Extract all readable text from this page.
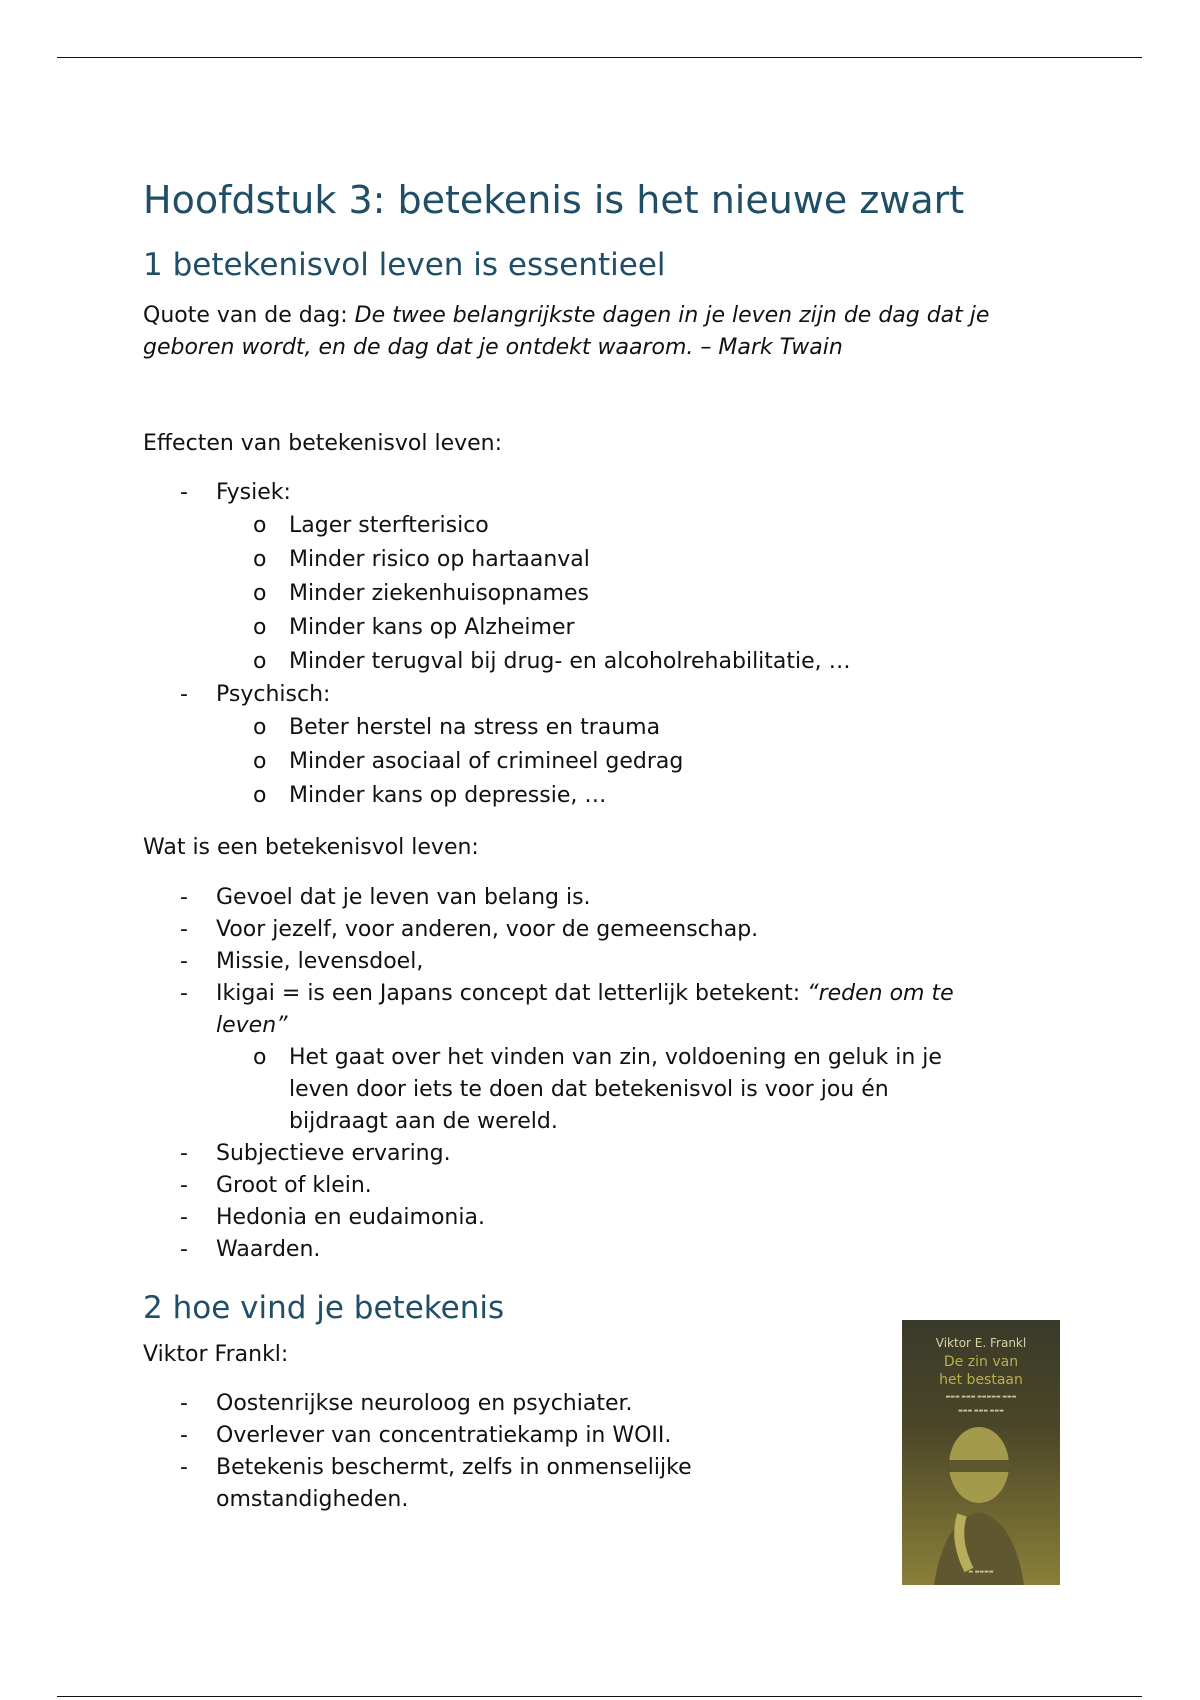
Hoofdstuk 3: betekenis is het nieuwe zwart
1 betekenisvol leven is essentieel

Quote van de dag: De twee belangrijkste dagen in je leven zijn de dag dat je geboren wordt, en de dag dat je ontdekt waarom. – Mark Twain

Effecten van betekenisvol leven:

- Fysiek:
o Lager sterfterisico
o Minder risico op hartaanval
o Minder ziekenhuisopnames
o Minder kans op Alzheimer
o Minder terugval bij drug- en alcoholrehabilitatie, …
- Psychisch:
o Beter herstel na stress en trauma
o Minder asociaal of crimineel gedrag
o Minder kans op depressie, …

Wat is een betekenisvol leven:

- Gevoel dat je leven van belang is.
- Voor jezelf, voor anderen, voor de gemeenschap.
- Missie, levensdoel,
- Ikigai = is een Japans concept dat letterlijk betekent: “reden om te leven”
o Het gaat over het vinden van zin, voldoening en geluk in je leven door iets te doen dat betekenisvol is voor jou én bijdraagt aan de wereld.
- Subjectieve ervaring.
- Groot of klein.
- Hedonia en eudaimonia.
- Waarden.
2 hoe vind je betekenis

Viktor Frankl:

- Oostenrijkse neuroloog en psychiater.
- Overlever van concentratiekamp in WOII.
- Betekenis beschermt, zelfs in onmenselijke omstandigheden.
Viktor E. Frankl
De zin van
het bestaan
▬▬▬ ▬▬▬ ▬▬▬▬▬ ▬▬▬
▬▬▬ ▬▬▬ ▬▬▬
▬ ▬▬▬▬
